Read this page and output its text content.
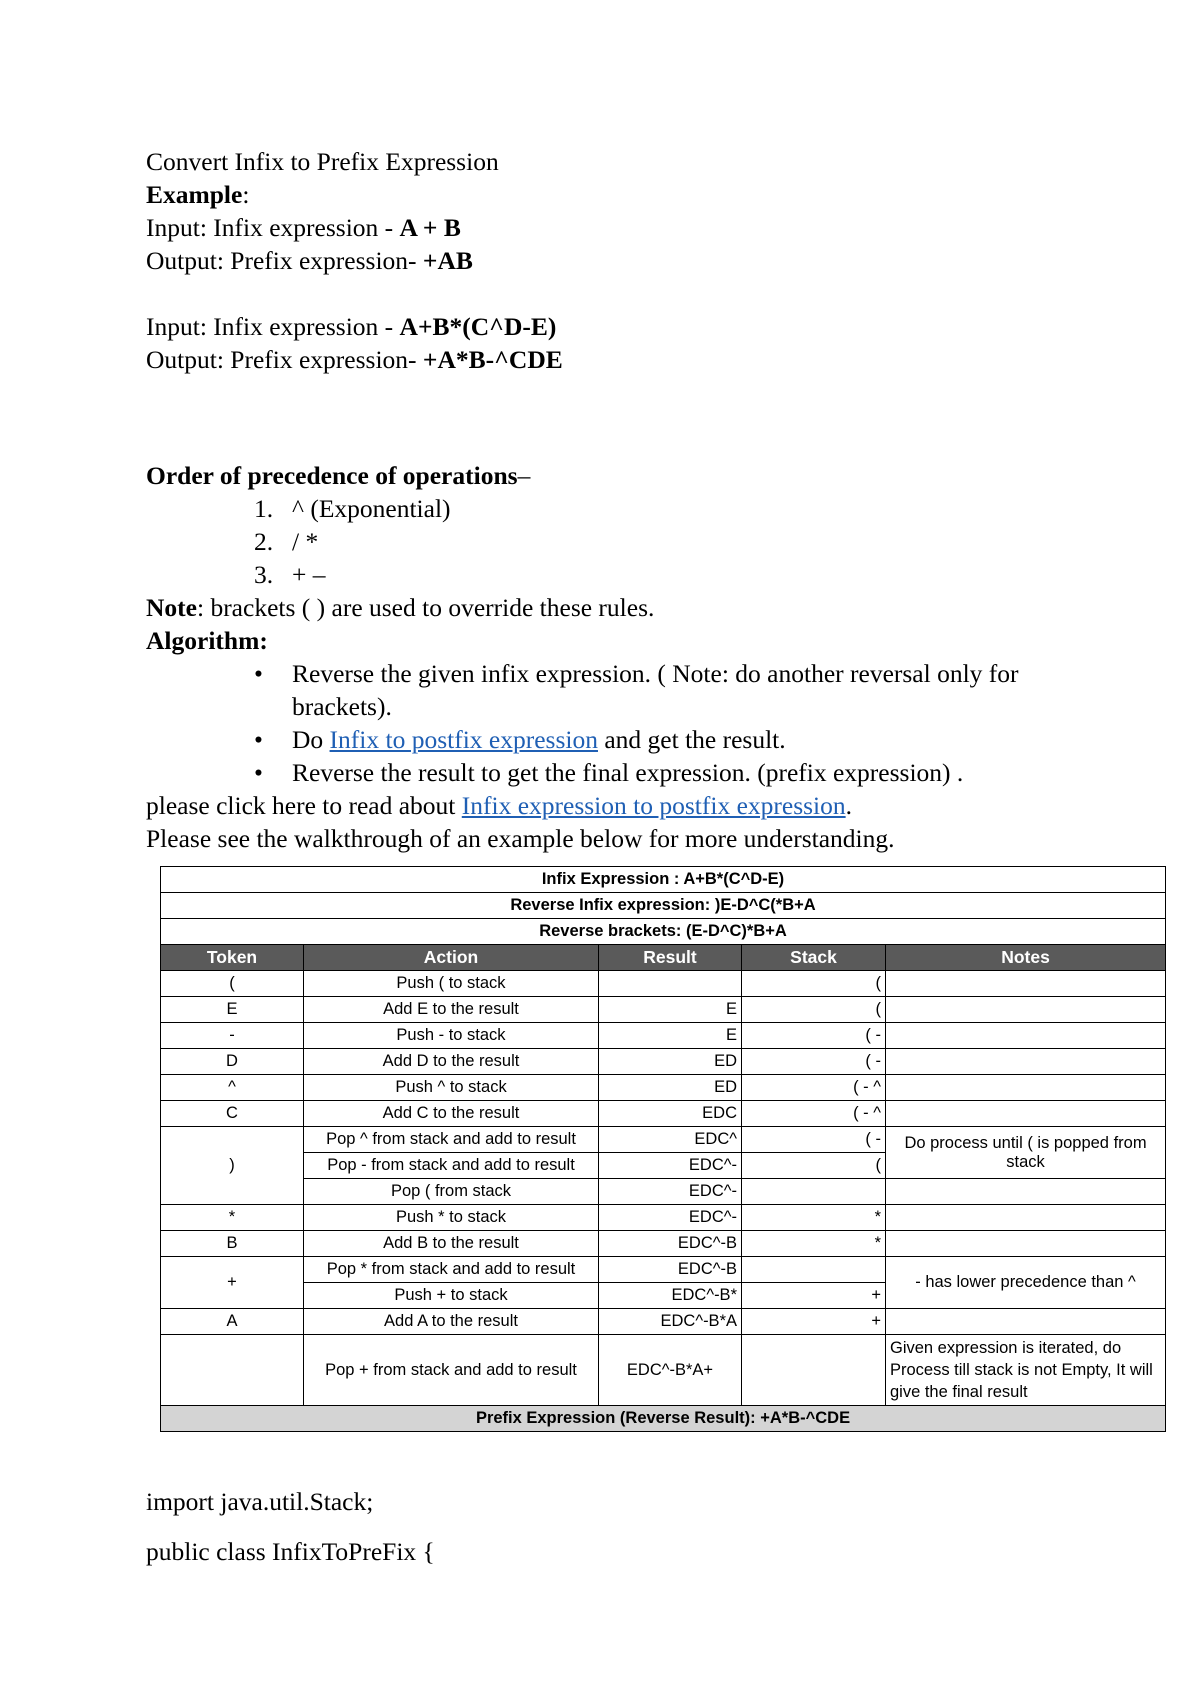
Convert Infix to Prefix Expression
Example:
Input: Infix expression - A + B
Output: Prefix expression- +AB
Input: Infix expression - A+B*(C^D-E)
Output: Prefix expression- +A*B-^CDE
Order of precedence of operations–
1. ^ (Exponential)
2. / *
3. + –
Note: brackets ( ) are used to override these rules.
Algorithm:
• Reverse the given infix expression. ( Note: do another reversal only for brackets).
• Do Infix to postfix expression and get the result.
• Reverse the result to get the final expression. (prefix expression) .
please click here to read about Infix expression to postfix expression.
Please see the walkthrough of an example below for more understanding.
Infix Expression : A+B*(C^D-E)				
Reverse Infix expression: )E-D^C(*B+A				
Reverse brackets: (E-D^C)*B+A				
Token	Action	Result	Stack	Notes
(	Push ( to stack		(	
E	Add E to the result	E	(	
-	Push - to stack	E	( -	
D	Add D to the result	ED	( -	
^	Push ^ to stack	ED	( - ^	
C	Add C to the result	EDC	( - ^	
)	Pop ^ from stack and add to result	EDC^	( -	Do process until ( is popped from stack
	Pop - from stack and add to result	EDC^-	(	
	Pop ( from stack	EDC^-		
*	Push * to stack	EDC^-	*	
B	Add B to the result	EDC^-B	*	
+	Pop * from stack and add to result	EDC^-B		- has lower precedence than ^
	Push + to stack	EDC^-B*	+	
A	Add A to the result	EDC^-B*A	+	
	Pop + from stack and add to result	EDC^-B*A+		Given expression is iterated, do Process till stack is not Empty, It will give the final result
Prefix Expression (Reverse Result): +A*B-^CDE				
import java.util.Stack;
public class InfixToPreFix {
